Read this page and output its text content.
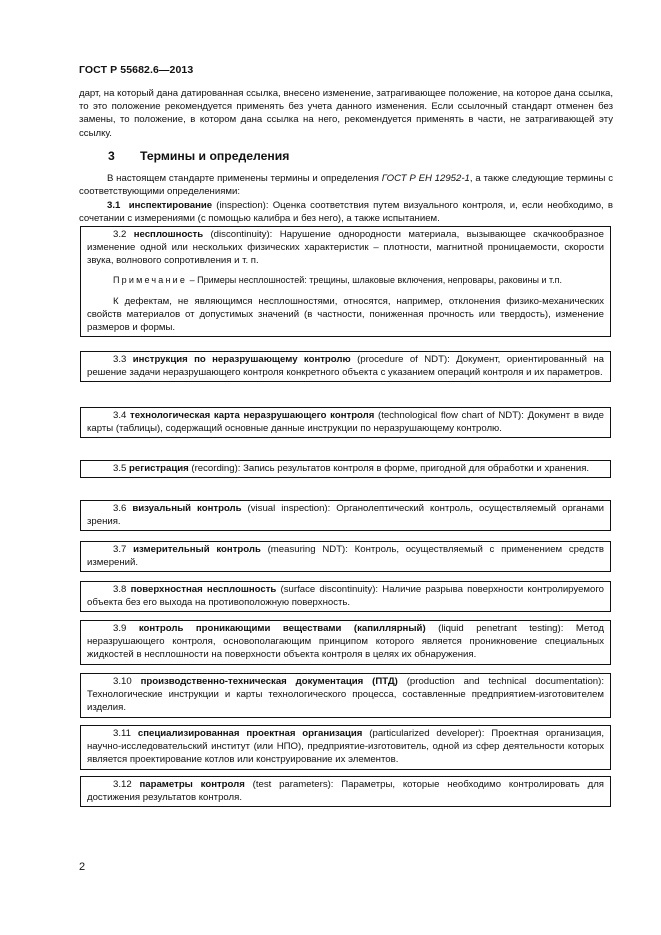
ГОСТ Р 55682.6—2013
дарт, на который дана датированная ссылка, внесено изменение, затрагивающее положение, на которое дана ссылка, то это положение рекомендуется применять без учета данного изменения. Если ссылочный стандарт отменен без замены, то положение, в котором дана ссылка на него, рекомендуется применять в части, не затрагивающей эту ссылку.
3 Термины и определения
В настоящем стандарте применены термины и определения ГОСТ Р ЕН 12952-1, а также следующие термины с соответствующими определениями:
3.1 инспектирование (inspection): Оценка соответствия путем визуального контроля, и, если необходимо, в сочетании с измерениями (с помощью калибра и без него), а также испытанием.

3.2 несплошность (discontinuity): Нарушение однородности материала, вызывающее скачкообразное изменение одной или нескольких физических характеристик – плотности, магнитной проницаемости, скорости звука, волнового сопротивления и т. п.

Примечание – Примеры несплошностей: трещины, шлаковые включения, непровары, раковины и т.п.

К дефектам, не являющимся несплошностями, относятся, например, отклонения физико-механических свойств материалов от допустимых значений (в частности, пониженная прочность или твердость), изменение размеров и формы.

3.3 инструкция по неразрушающему контролю (procedure of NDT): Документ, ориентированный на решение задачи неразрушающего контроля конкретного объекта с указанием операций контроля и их параметров.
3.4 технологическая карта неразрушающего контроля (technological flow chart of NDT): Документ в виде карты (таблицы), содержащий основные данные инструкции по неразрушающему контролю.
3.5 регистрация (recording): Запись результатов контроля в форме, пригодной для обработки и хранения.
3.6 визуальный контроль (visual inspection): Органолептический контроль, осуществляемый органами зрения.
3.7 измерительный контроль (measuring NDT): Контроль, осуществляемый с применением средств измерений.
3.8 поверхностная несплошность (surface discontinuity): Наличие разрыва поверхности контролируемого объекта без его выхода на противоположную поверхность.
3.9 контроль проникающими веществами (капиллярный) (liquid penetrant testing): Метод неразрушающего контроля, основополагающим принципом которого является проникновение специальных жидкостей в несплошности на поверхности объекта контроля в целях их обнаружения.
3.10 производственно-техническая документация (ПТД) (production and technical documentation): Технологические инструкции и карты технологического процесса, составленные предприятием-изготовителем изделия.
3.11 специализированная проектная организация (particularized developer): Проектная организация, научно-исследовательский институт (или НПО), предприятие-изготовитель, одной из сфер деятельности которых является проектирование котлов или конструирование их элементов.
3.12 параметры контроля (test parameters): Параметры, которые необходимо контролировать для достижения результатов контроля.
2
